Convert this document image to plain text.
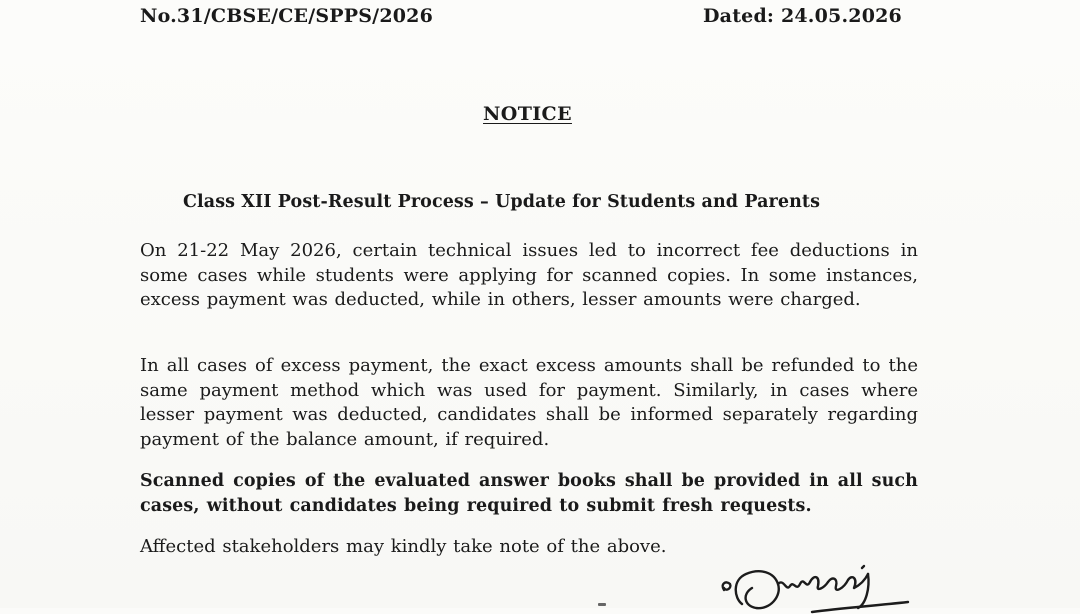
No.31/CBSE/CE/SPPS/2026	Dated: 24.05.2026
NOTICE
Class XII Post-Result Process – Update for Students and Parents

On 21-22 May 2026, certain technical issues led to incorrect fee deductions in some cases while students were applying for scanned copies. In some instances, excess payment was deducted, while in others, lesser amounts were charged.

In all cases of excess payment, the exact excess amounts shall be refunded to the same payment method which was used for payment. Similarly, in cases where lesser payment was deducted, candidates shall be informed separately regarding payment of the balance amount, if required.

Scanned copies of the evaluated answer books shall be provided in all such cases, without candidates being required to submit fresh requests.

Affected stakeholders may kindly take note of the above.
